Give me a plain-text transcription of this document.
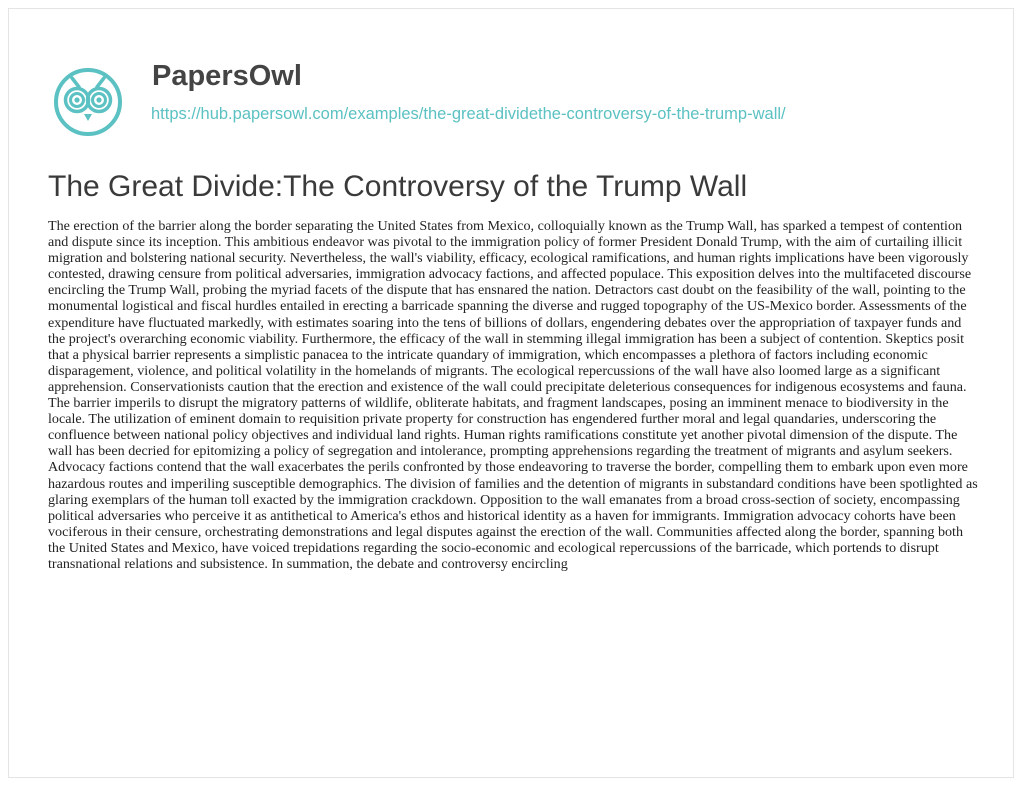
PapersOwl
https://hub.papersowl.com/examples/the-great-dividethe-controversy-of-the-trump-wall/
The Great Divide:The Controversy of the Trump Wall

The erection of the barrier along the border separating the United States from Mexico, colloquially known as the Trump Wall, has sparked a tempest of contention and dispute since its inception. This ambitious endeavor was pivotal to the immigration policy of former President Donald Trump, with the aim of curtailing illicit migration and bolstering national security. Nevertheless, the wall's viability, efficacy, ecological ramifications, and human rights implications have been vigorously contested, drawing censure from political adversaries, immigration advocacy factions, and affected populace. This exposition delves into the multifaceted discourse encircling the Trump Wall, probing the myriad facets of the dispute that has ensnared the nation. Detractors cast doubt on the feasibility of the wall, pointing to the monumental logistical and fiscal hurdles entailed in erecting a barricade spanning the diverse and rugged topography of the US-Mexico border. Assessments of the expenditure have fluctuated markedly, with estimates soaring into the tens of billions of dollars, engendering debates over the appropriation of taxpayer funds and the project's overarching economic viability. Furthermore, the efficacy of the wall in stemming illegal immigration has been a subject of contention. Skeptics posit that a physical barrier represents a simplistic panacea to the intricate quandary of immigration, which encompasses a plethora of factors including economic disparagement, violence, and political volatility in the homelands of migrants. The ecological repercussions of the wall have also loomed large as a significant apprehension. Conservationists caution that the erection and existence of the wall could precipitate deleterious consequences for indigenous ecosystems and fauna. The barrier imperils to disrupt the migratory patterns of wildlife, obliterate habitats, and fragment landscapes, posing an imminent menace to biodiversity in the locale. The utilization of eminent domain to requisition private property for construction has engendered further moral and legal quandaries, underscoring the confluence between national policy objectives and individual land rights. Human rights ramifications constitute yet another pivotal dimension of the dispute. The wall has been decried for epitomizing a policy of segregation and intolerance, prompting apprehensions regarding the treatment of migrants and asylum seekers. Advocacy factions contend that the wall exacerbates the perils confronted by those endeavoring to traverse the border, compelling them to embark upon even more hazardous routes and imperiling susceptible demographics. The division of families and the detention of migrants in substandard conditions have been spotlighted as glaring exemplars of the human toll exacted by the immigration crackdown. Opposition to the wall emanates from a broad cross-section of society, encompassing political adversaries who perceive it as antithetical to America's ethos and historical identity as a haven for immigrants. Immigration advocacy cohorts have been vociferous in their censure, orchestrating demonstrations and legal disputes against the erection of the wall. Communities affected along the border, spanning both the United States and Mexico, have voiced trepidations regarding the socio-economic and ecological repercussions of the barricade, which portends to disrupt transnational relations and subsistence. In summation, the debate and controversy encircling
